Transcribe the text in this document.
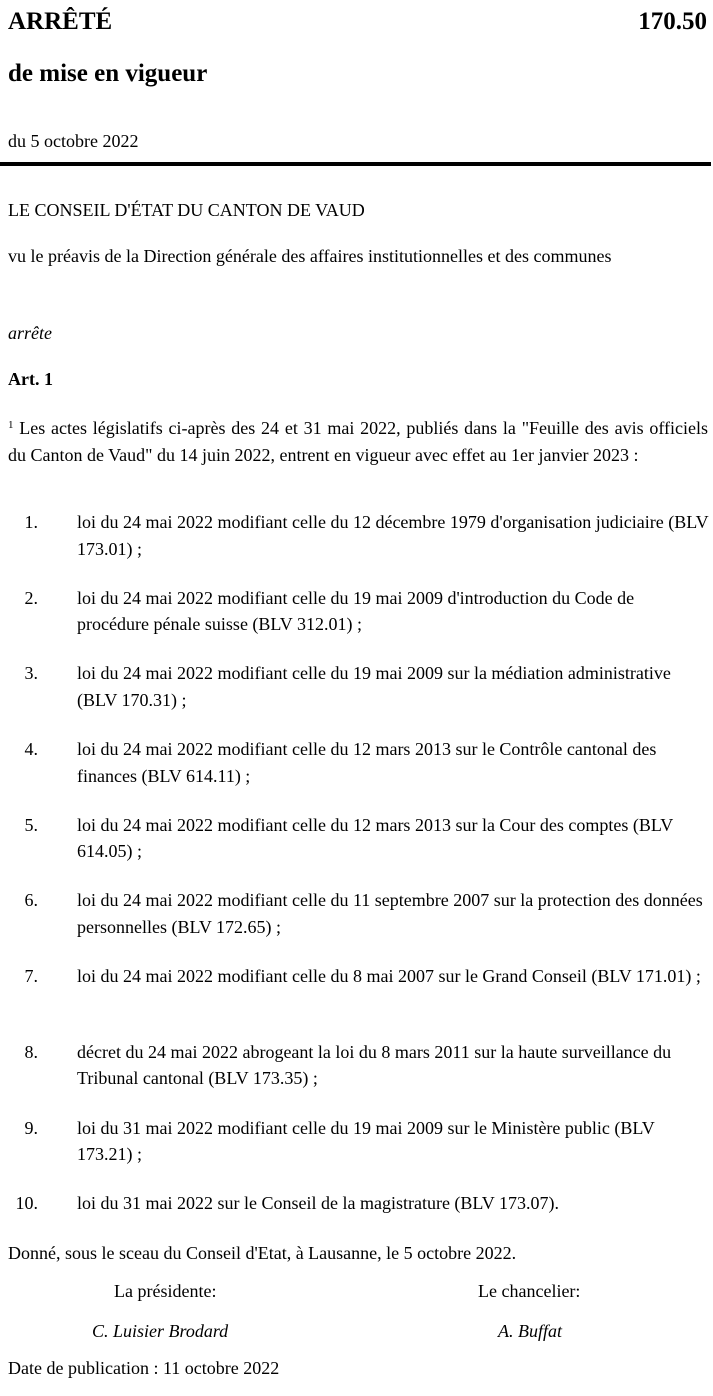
ARRÊTÉ	170.50
de mise en vigueur
du 5 octobre 2022
LE CONSEIL D'ÉTAT DU CANTON DE VAUD
vu le préavis de la Direction générale des affaires institutionnelles et des communes
arrête
Art. 1
$^1$ Les actes législatifs ci-après des 24 et 31 mai 2022, publiés dans la "Feuille des avis officiels du Canton de Vaud" du 14 juin 2022, entrent en vigueur avec effet au 1er janvier 2023 :
1. loi du 24 mai 2022 modifiant celle du 12 décembre 1979 d'organisation judiciaire (BLV 173.01) ;
2. loi du 24 mai 2022 modifiant celle du 19 mai 2009 d'introduction du Code de procédure pénale suisse (BLV 312.01) ;
3. loi du 24 mai 2022 modifiant celle du 19 mai 2009 sur la médiation administrative (BLV 170.31) ;
4. loi du 24 mai 2022 modifiant celle du 12 mars 2013 sur le Contrôle cantonal des finances (BLV 614.11) ;
5. loi du 24 mai 2022 modifiant celle du 12 mars 2013 sur la Cour des comptes (BLV 614.05) ;
6. loi du 24 mai 2022 modifiant celle du 11 septembre 2007 sur la protection des données personnelles (BLV 172.65) ;
7. loi du 24 mai 2022 modifiant celle du 8 mai 2007 sur le Grand Conseil (BLV 171.01) ;
8. décret du 24 mai 2022 abrogeant la loi du 8 mars 2011 sur la haute surveillance du Tribunal cantonal (BLV 173.35) ;
9. loi du 31 mai 2022 modifiant celle du 19 mai 2009 sur le Ministère public (BLV 173.21) ;
10. loi du 31 mai 2022 sur le Conseil de la magistrature (BLV 173.07).
Donné, sous le sceau du Conseil d'Etat, à Lausanne, le 5 octobre 2022.
La présidente:	Le chancelier:
C. Luisier Brodard	A. Buffat
Date de publication : 11 octobre 2022
